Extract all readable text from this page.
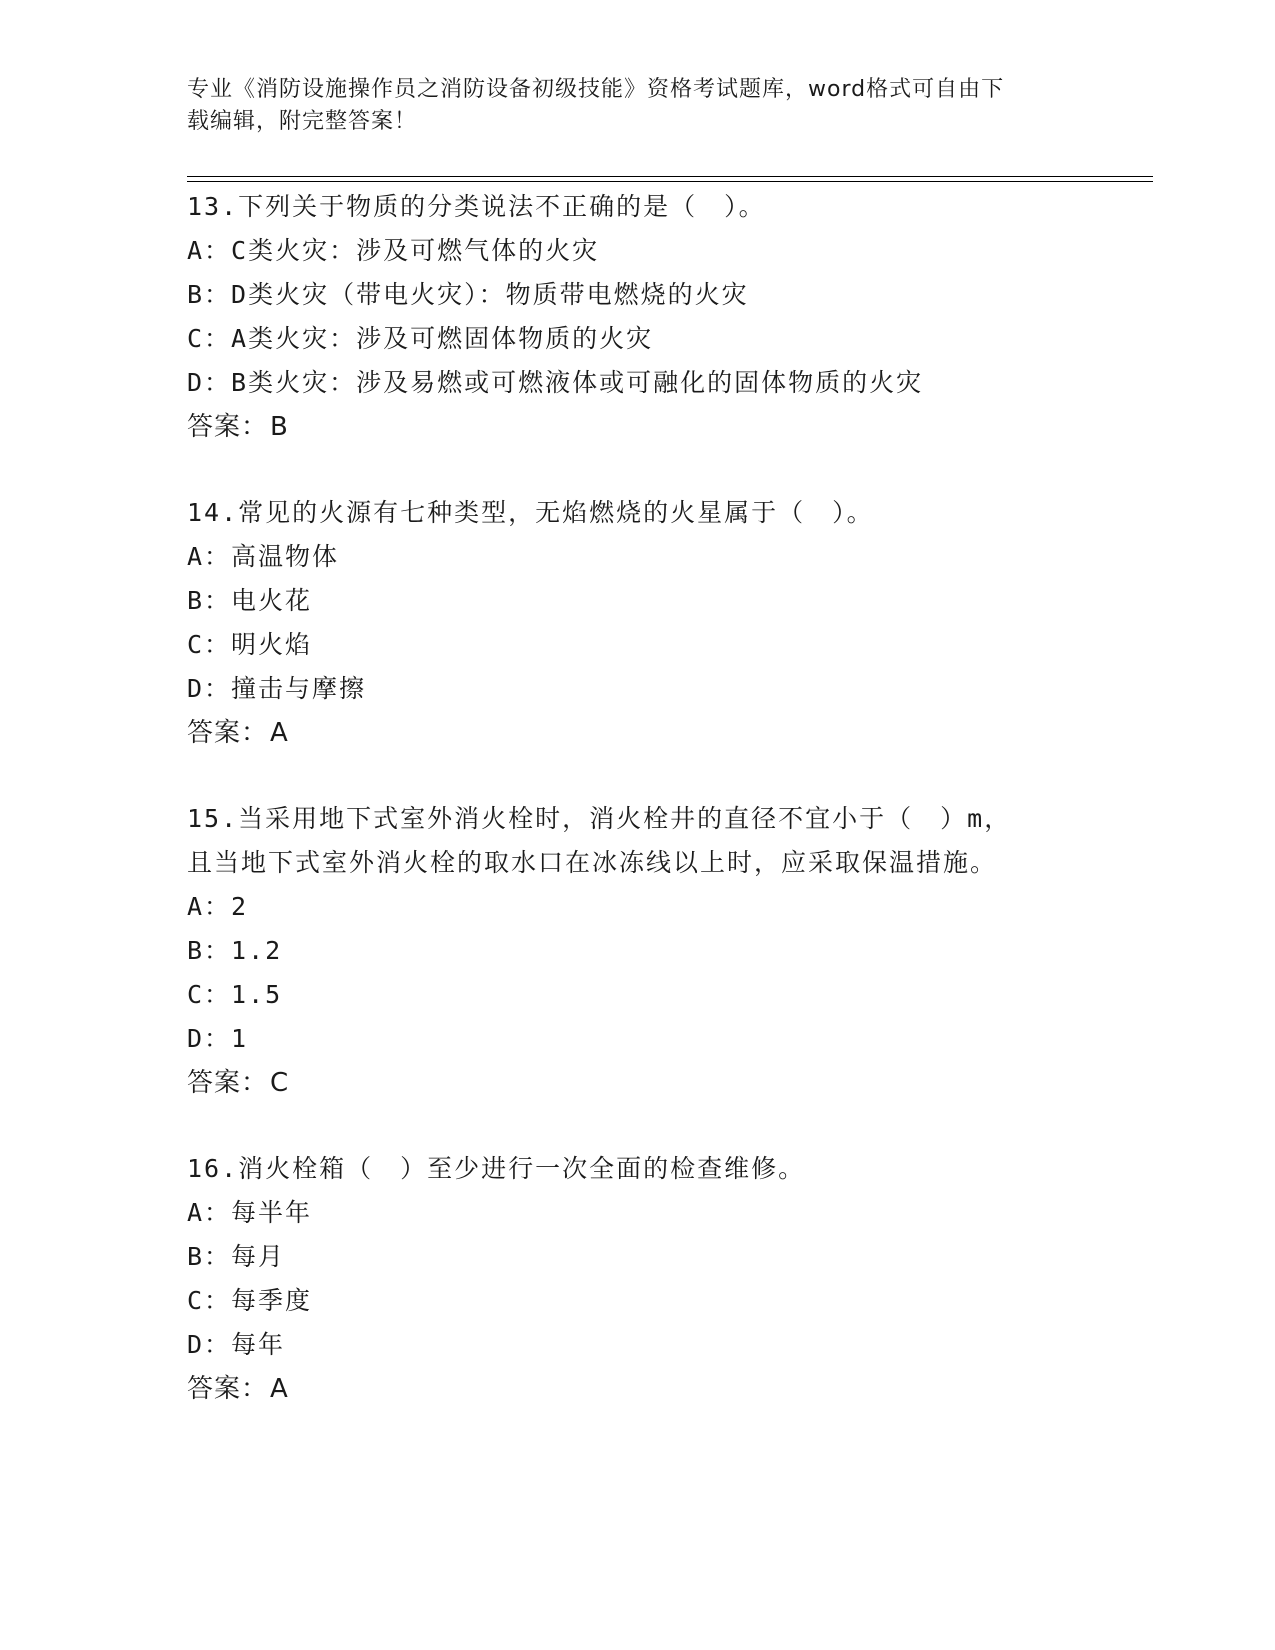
专业《消防设施操作员之消防设备初级技能》资格考试题库，word格式可自由下
载编辑，附完整答案！
13.下列关于物质的分类说法不正确的是（　）。
A：C类火灾：涉及可燃气体的火灾
B：D类火灾（带电火灾）：物质带电燃烧的火灾
C：A类火灾：涉及可燃固体物质的火灾
D：B类火灾：涉及易燃或可燃液体或可融化的固体物质的火灾
答案：B
14.常见的火源有七种类型，无焰燃烧的火星属于（　）。
A：高温物体
B：电火花
C：明火焰
D：撞击与摩擦
答案：A
15.当采用地下式室外消火栓时，消火栓井的直径不宜小于（　）m，
且当地下式室外消火栓的取水口在冰冻线以上时，应采取保温措施。
A：2
B：1.2
C：1.5
D：1
答案：C
16.消火栓箱（　）至少进行一次全面的检查维修。
A：每半年
B：每月
C：每季度
D：每年
答案：A
